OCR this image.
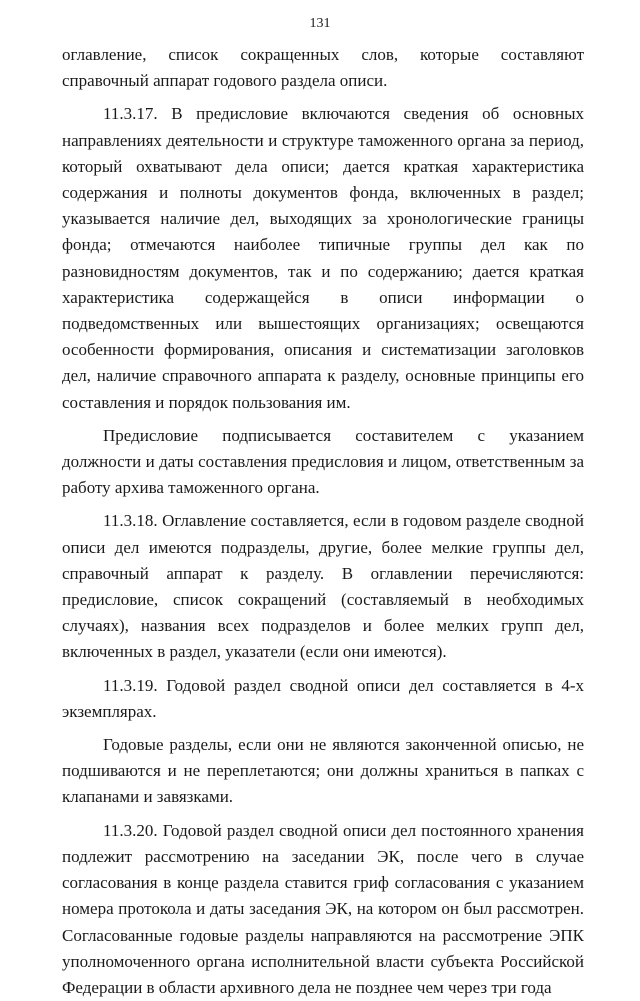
131

оглавление, список сокращенных слов, которые составляют справочный аппарат годового раздела описи.

11.3.17. В предисловие включаются сведения об основных направлениях деятельности и структуре таможенного органа за период, который охватывают дела описи; дается краткая характеристика содержания и полноты документов фонда, включенных в раздел; указывается наличие дел, выходящих за хронологические границы фонда; отмечаются наиболее типичные группы дел как по разновидностям документов, так и по содержанию; дается краткая характеристика содержащейся в описи информации о подведомственных или вышестоящих организациях; освещаются особенности формирования, описания и систематизации заголовков дел, наличие справочного аппарата к разделу, основные принципы его составления и порядок пользования им.

Предисловие подписывается составителем с указанием должности и даты составления предисловия и лицом, ответственным за работу архива таможенного органа.

11.3.18. Оглавление составляется, если в годовом разделе сводной описи дел имеются подразделы, другие, более мелкие группы дел, справочный аппарат к разделу. В оглавлении перечисляются: предисловие, список сокращений (составляемый в необходимых случаях), названия всех подразделов и более мелких групп дел, включенных в раздел, указатели (если они имеются).

11.3.19. Годовой раздел сводной описи дел составляется в 4-х экземплярах.

Годовые разделы, если они не являются законченной описью, не подшиваются и не переплетаются; они должны храниться в папках с клапанами и завязками.

11.3.20. Годовой раздел сводной описи дел постоянного хранения подлежит рассмотрению на заседании ЭК, после чего в случае согласования в конце раздела ставится гриф согласования с указанием номера протокола и даты заседания ЭК, на котором он был рассмотрен. Согласованные годовые разделы направляются на рассмотрение ЭПК уполномоченного органа исполнительной власти субъекта Российской Федерации в области архивного дела не позднее чем через три года
